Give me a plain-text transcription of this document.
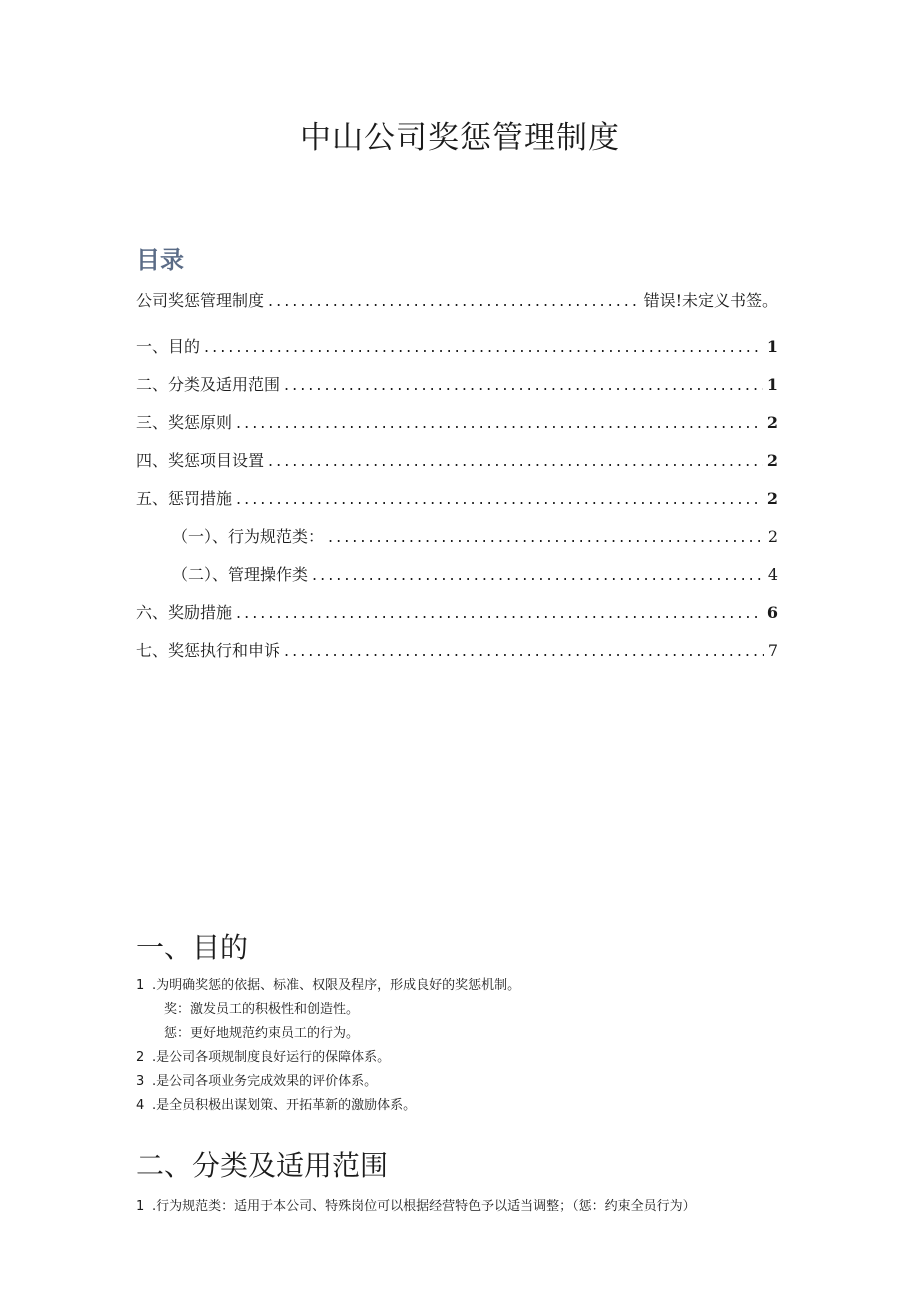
中山公司奖惩管理制度
目录
公司奖惩管理制度 .....	错误!未定义书签。
一、目的 .....	1
二、分类及适用范围 .....	1
三、奖惩原则 .....	2
四、奖惩项目设置 .....	2
五、惩罚措施 .....	2
（一）、行为规范类： .....	2
（二）、管理操作类 .....	4
六、奖励措施 .....	6
七、奖惩执行和申诉 .....	7
一、目的
1 .为明确奖惩的依据、标准、权限及程序，形成良好的奖惩机制。
奖：激发员工的积极性和创造性。
惩：更好地规范约束员工的行为。
2 .是公司各项规制度良好运行的保障体系。
3 .是公司各项业务完成效果的评价体系。
4 .是全员积极出谋划策、开拓革新的激励体系。
二、分类及适用范围
1 .行为规范类：适用于本公司、特殊岗位可以根据经营特色予以适当调整；（惩：约束全员行为）
